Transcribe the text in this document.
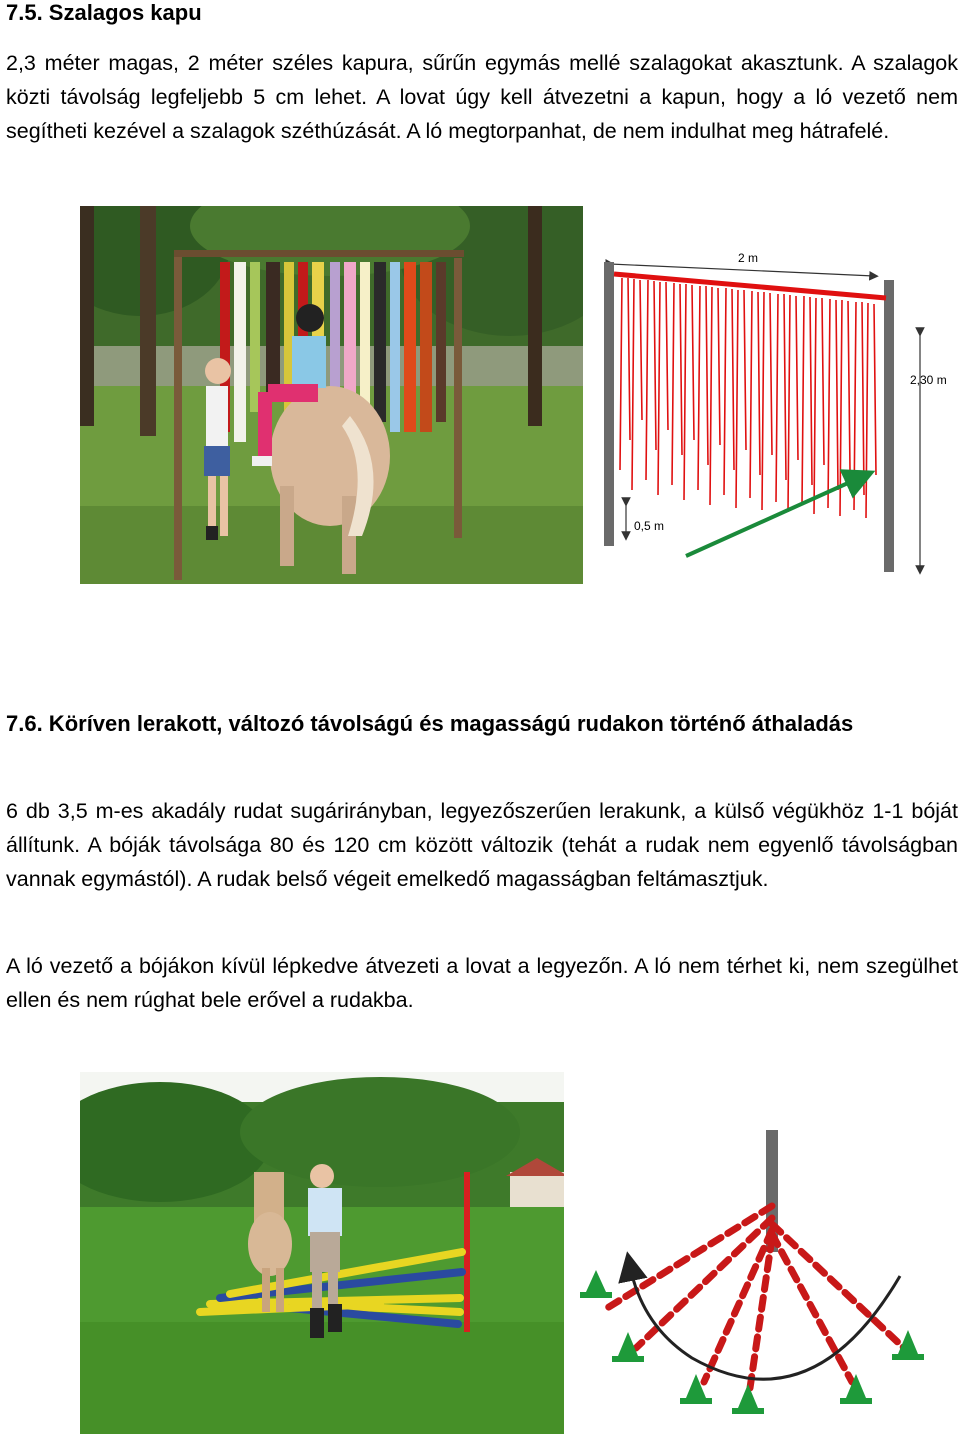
7.5. Szalagos kapu

2,3 méter magas, 2 méter széles kapura, sűrűn egymás mellé szalagokat akasztunk. A szalagok közti távolság legfeljebb 5 cm lehet. A lovat úgy kell átvezetni a kapun, hogy a ló vezető nem segítheti kezével a szalagok széthúzását. A ló megtorpanhat, de nem indulhat meg hátrafelé.

2 m
2,30 m
0,5 m
7.6. Köríven lerakott, változó távolságú és magasságú rudakon történő áthaladás

6 db 3,5 m-es akadály rudat sugárirányban, legyezőszerűen lerakunk, a külső végükhöz 1-1 bóját állítunk. A bóják távolsága 80 és 120 cm között változik (tehát a rudak nem egyenlő távolságban vannak egymástól). A rudak belső végeit emelkedő magasságban feltámasztjuk.

A ló vezető a bójákon kívül lépkedve átvezeti a lovat a legyezőn. A ló nem térhet ki, nem szegülhet ellen és nem rúghat bele erővel a rudakba.
